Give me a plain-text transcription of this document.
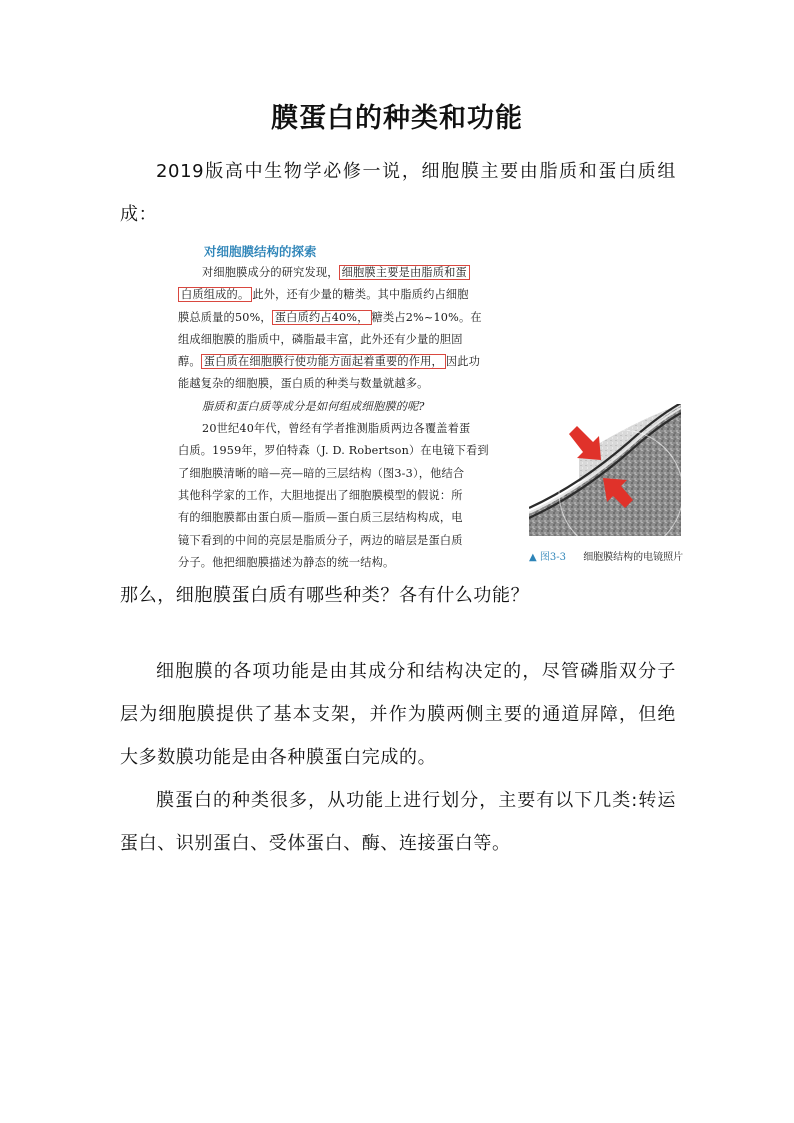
膜蛋白的种类和功能
2019版高中生物学必修一说，细胞膜主要由脂质和蛋白质组成：
对细胞膜结构的探索
对细胞膜成分的研究发现， 细胞膜主要是由脂质和蛋
白质组成的。 此外，还有少量的糖类。其中脂质约占细胞
膜总质量的50%， 蛋白质约占40%， 糖类占2%~10%。在
组成细胞膜的脂质中，磷脂最丰富，此外还有少量的胆固
醇。 蛋白质在细胞膜行使功能方面起着重要的作用， 因此功
能越复杂的细胞膜，蛋白质的种类与数量就越多。
脂质和蛋白质等成分是如何组成细胞膜的呢?
20世纪40年代，曾经有学者推测脂质两边各覆盖着蛋
白质。1959年，罗伯特森（J. D. Robertson）在电镜下看到
了细胞膜清晰的暗—亮—暗的三层结构（图3-3），他结合
其他科学家的工作，大胆地提出了细胞膜模型的假说：所
有的细胞膜都由蛋白质—脂质—蛋白质三层结构构成，电
镜下看到的中间的亮层是脂质分子，两边的暗层是蛋白质
分子。他把细胞膜描述为静态的统一结构。	▲ 图3-3 细胞膜结构的电镜照片
那么，细胞膜蛋白质有哪些种类？各有什么功能？
细胞膜的各项功能是由其成分和结构决定的，尽管磷脂双分子层为细胞膜提供了基本支架，并作为膜两侧主要的通道屏障，但绝大多数膜功能是由各种膜蛋白完成的。
膜蛋白的种类很多，从功能上进行划分，主要有以下几类:转运蛋白、识别蛋白、受体蛋白、酶、连接蛋白等。
